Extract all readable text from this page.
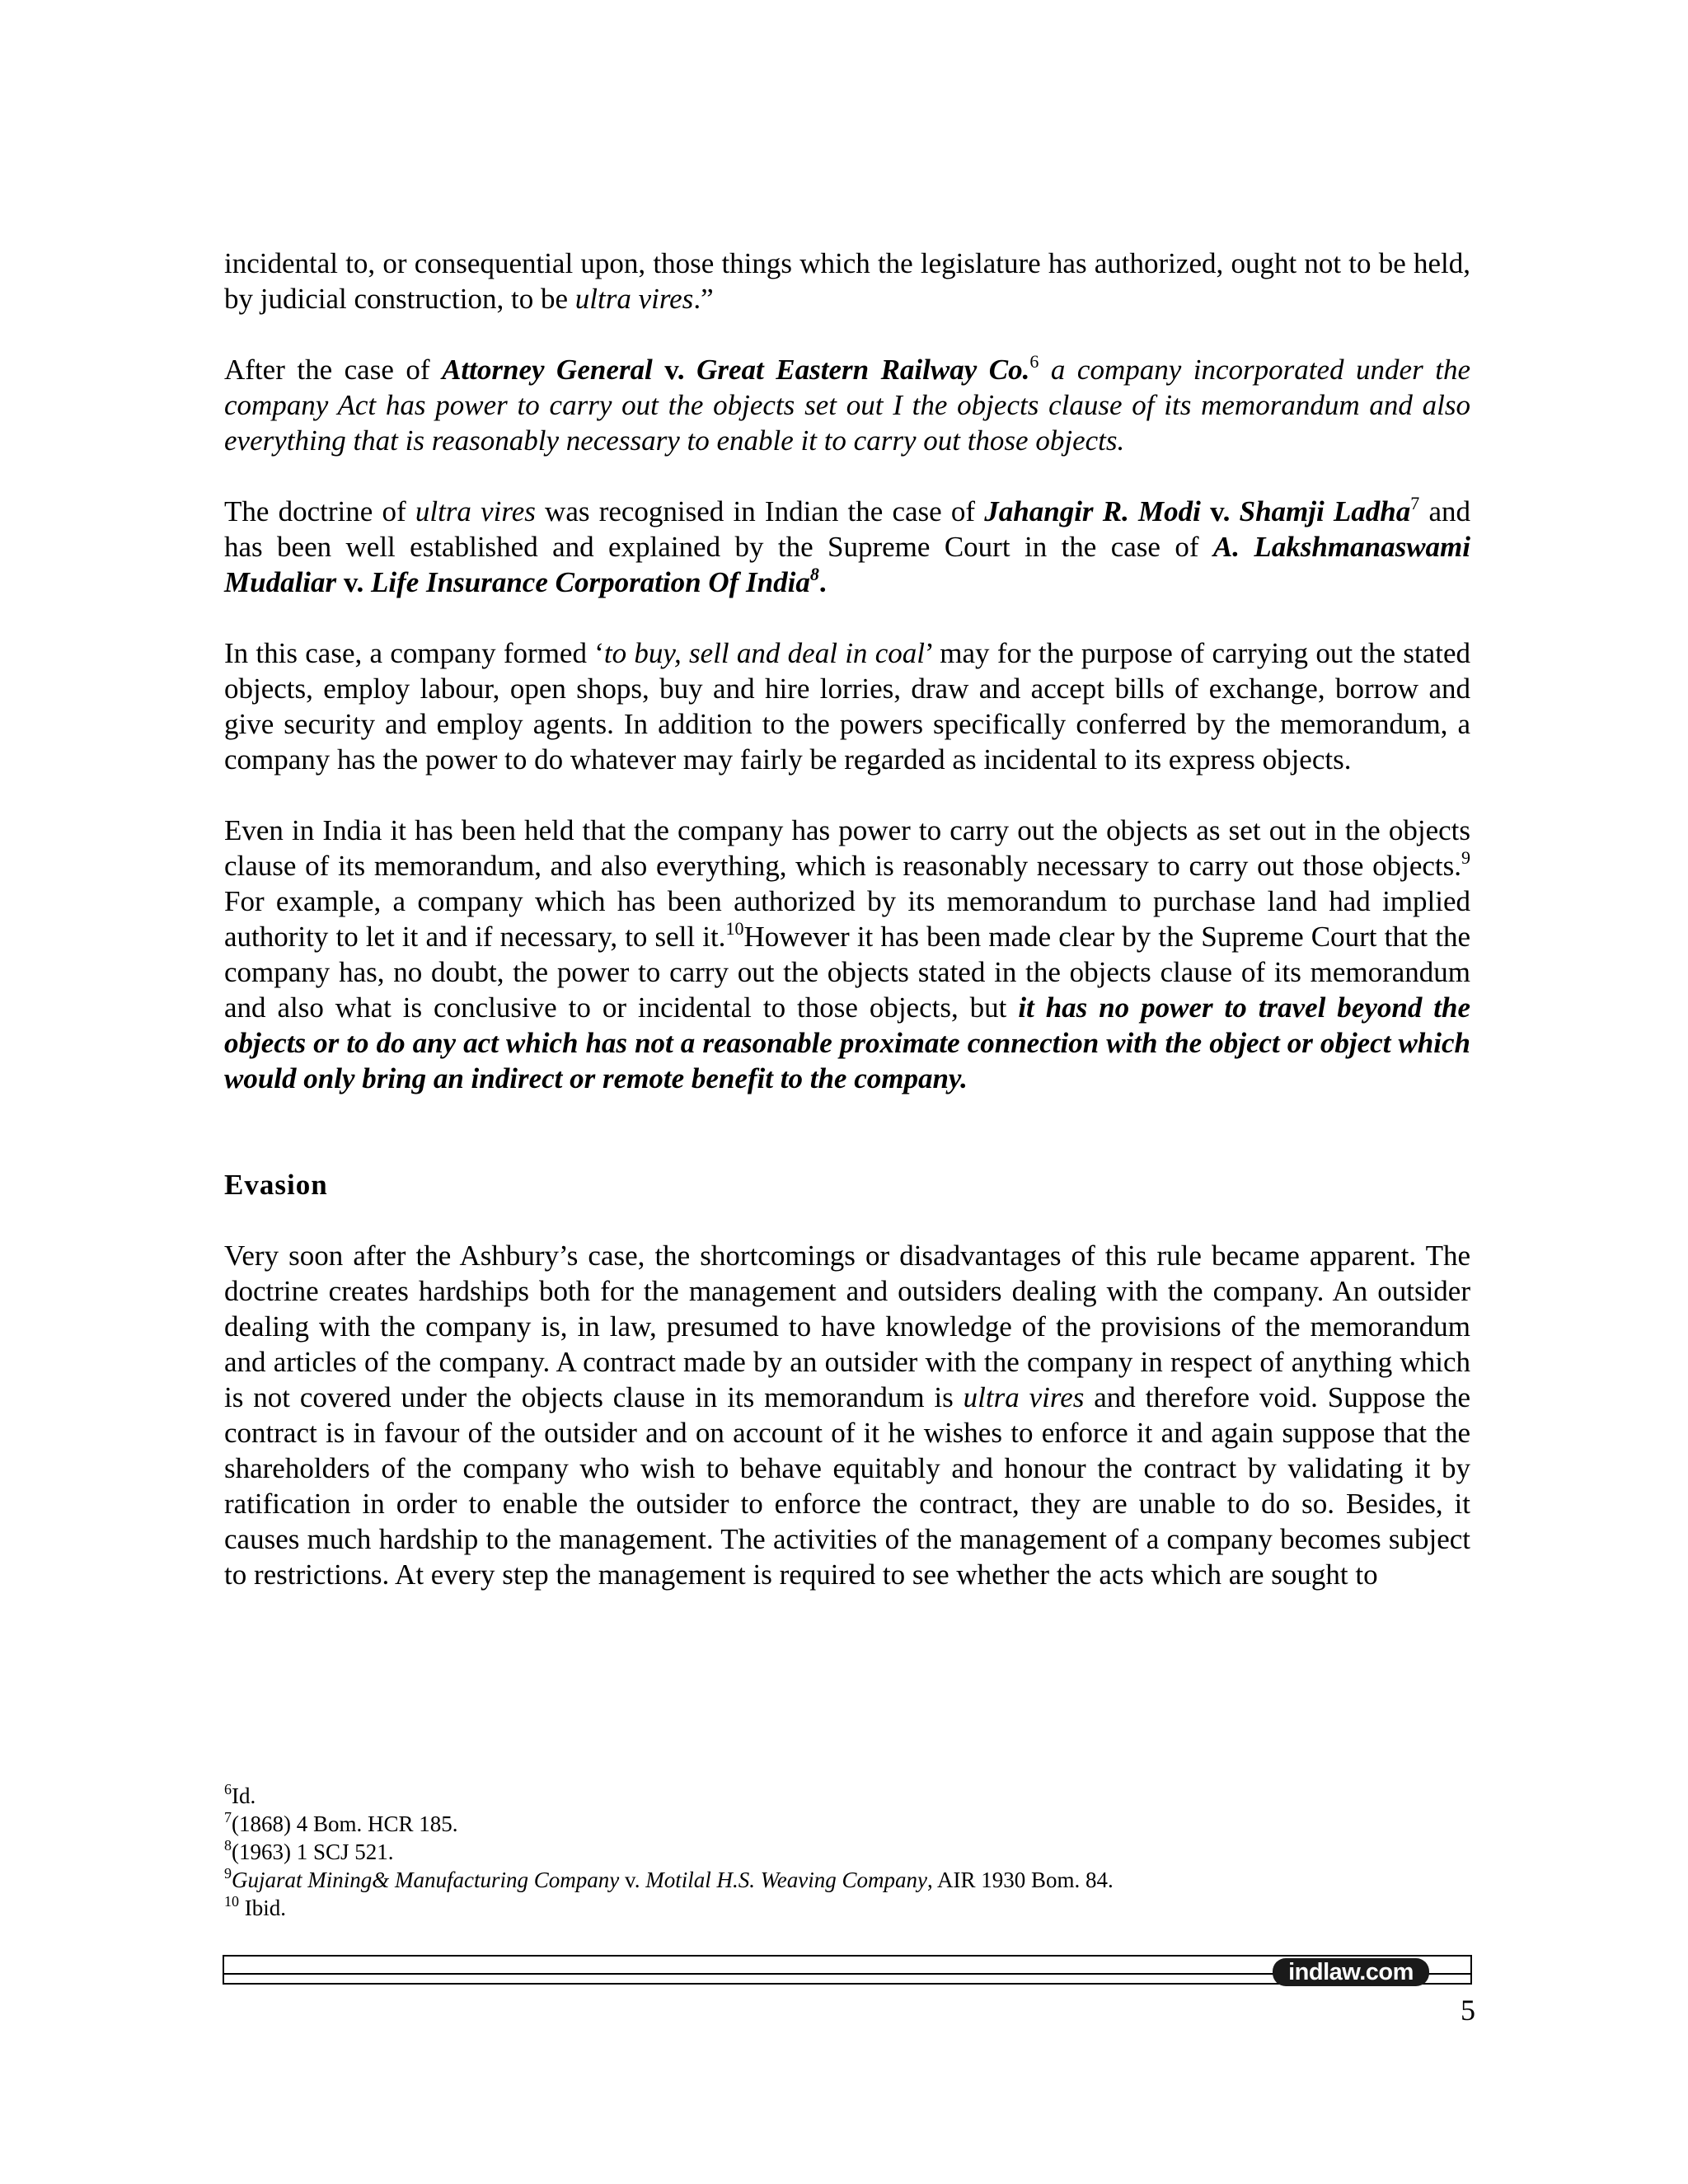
incidental to, or consequential upon, those things which the legislature has authorized, ought not to be held, by judicial construction, to be ultra vires.”

After the case of Attorney General v. Great Eastern Railway Co.$^6$ a company incorporated under the company Act has power to carry out the objects set out I the objects clause of its memorandum and also everything that is reasonably necessary to enable it to carry out those objects.

The doctrine of ultra vires was recognised in Indian the case of Jahangir R. Modi v. Shamji Ladha$^7$ and has been well established and explained by the Supreme Court in the case of A. Lakshmanaswami Mudaliar v. Life Insurance Corporation Of India$^8$.

In this case, a company formed ‘to buy, sell and deal in coal’ may for the purpose of carrying out the stated objects, employ labour, open shops, buy and hire lorries, draw and accept bills of exchange, borrow and give security and employ agents. In addition to the powers specifically conferred by the memorandum, a company has the power to do whatever may fairly be regarded as incidental to its express objects.

Even in India it has been held that the company has power to carry out the objects as set out in the objects clause of its memorandum, and also everything, which is reasonably necessary to carry out those objects.$^9$ For example, a company which has been authorized by its memorandum to purchase land had implied authority to let it and if necessary, to sell it.$^{10}$However it has been made clear by the Supreme Court that the company has, no doubt, the power to carry out the objects stated in the objects clause of its memorandum and also what is conclusive to or incidental to those objects, but it has no power to travel beyond the objects or to do any act which has not a reasonable proximate connection with the object or object which would only bring an indirect or remote benefit to the company.

Evasion

Very soon after the Ashbury’s case, the shortcomings or disadvantages of this rule became apparent. The doctrine creates hardships both for the management and outsiders dealing with the company. An outsider dealing with the company is, in law, presumed to have knowledge of the provisions of the memorandum and articles of the company. A contract made by an outsider with the company in respect of anything which is not covered under the objects clause in its memorandum is ultra vires and therefore void. Suppose the contract is in favour of the outsider and on account of it he wishes to enforce it and again suppose that the shareholders of the company who wish to behave equitably and honour the contract by validating it by ratification in order to enable the outsider to enforce the contract, they are unable to do so. Besides, it causes much hardship to the management. The activities of the management of a company becomes subject to restrictions. At every step the management is required to see whether the acts which are sought to

$^6$Id.
$^7$(1868) 4 Bom. HCR 185.
$^8$(1963) 1 SCJ 521.
$^9$Gujarat Mining& Manufacturing Company v. Motilal H.S. Weaving Company, AIR 1930 Bom. 84.
$^{10}$ Ibid.
indlaw.com
5
